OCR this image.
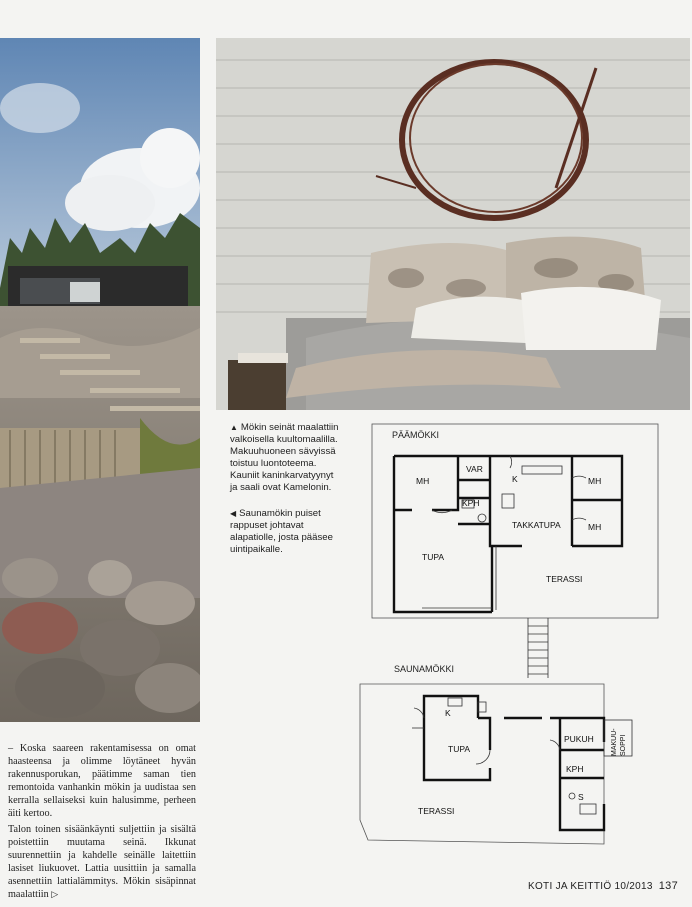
▲ Mökin seinät maalattiin
valkoisella kuultomaalilla.
Makuuhuoneen sävyissä
toistuu luontoteema.
Kauniit kaninkarvatyynyt
ja saali ovat Kamelonin.
◀ Saunamökin puiset
rappuset johtavat
alapatiolle, josta pääsee
uintipaikalle.

– Koska saareen rakentamisessa on omat haasteensa ja olimme löytäneet hyvän rakennusporukan, päätimme saman tien remontoida vanhankin mökin ja uudistaa sen kerralla sellaiseksi kuin halusimme, perheen äiti kertoo.

Talon toinen sisäänkäynti suljettiin ja sisältä poistettiin muutama seinä. Ikkunat suurennettiin ja kahdelle seinälle laitettiin lasiset liukuovet. Lattia uusittiin ja samalla asennettiin lattialämmitys. Mökin sisäpinnat maalattiin ▷

PÄÄMÖKKI
MH
VAR
K	MH
KPH
TAKKATUPA	MH
TUPA
TERASSI
SAUNAMÖKKI
K
TUPA
PUKUH
KPH
S
TERASSI
MAKUU- SOPPI
KOTI JA KEITTIÖ 10/2013 137
